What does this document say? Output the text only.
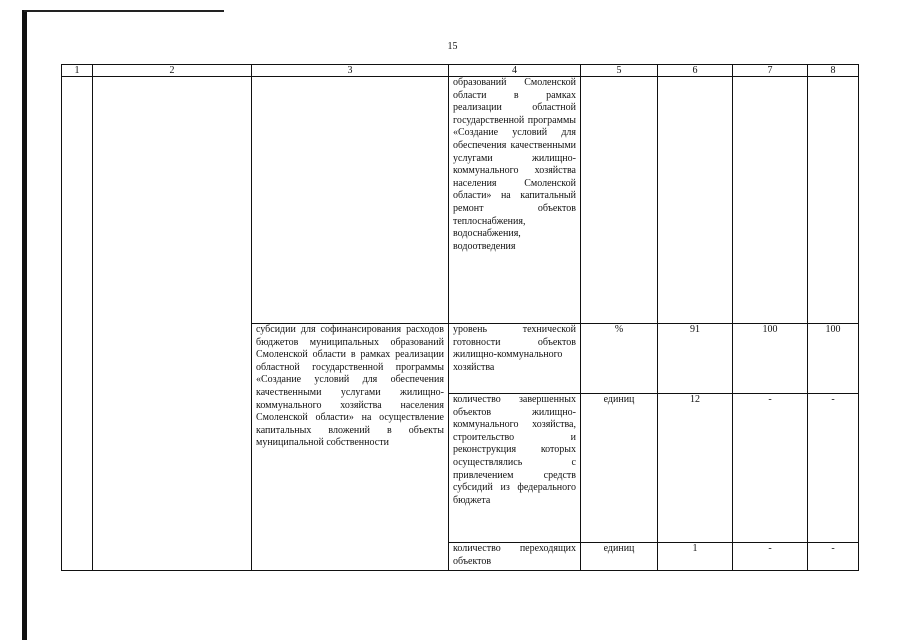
15
1	2	3	4	5	6	7	8
			образований Смоленской области в рамках реализации областной государственной программы «Создание условий для обеспечения качественными услугами жилищно-коммунального хозяйства населения Смоленской области» на капитальный ремонт объектов теплоснабжения, водоснабжения, водоотведения				
		субсидии для софинансирования расходов бюджетов муниципальных образований Смоленской области в рамках реализации областной государственной программы «Создание условий для обеспечения качественными услугами жилищно-коммунального хозяйства населения Смоленской области» на осуществление капитальных вложений в объекты муниципальной собственности	уровень технической готовности объектов жилищно-коммунального хозяйства	%	91	100	100
			количество завершенных объектов жилищно-коммунального хозяйства, строительство и реконструкция которых осуществлялись с привлечением средств субсидий из федерального бюджета	единиц	12	-	-
			количество переходящих объектов	единиц	1	-	-
